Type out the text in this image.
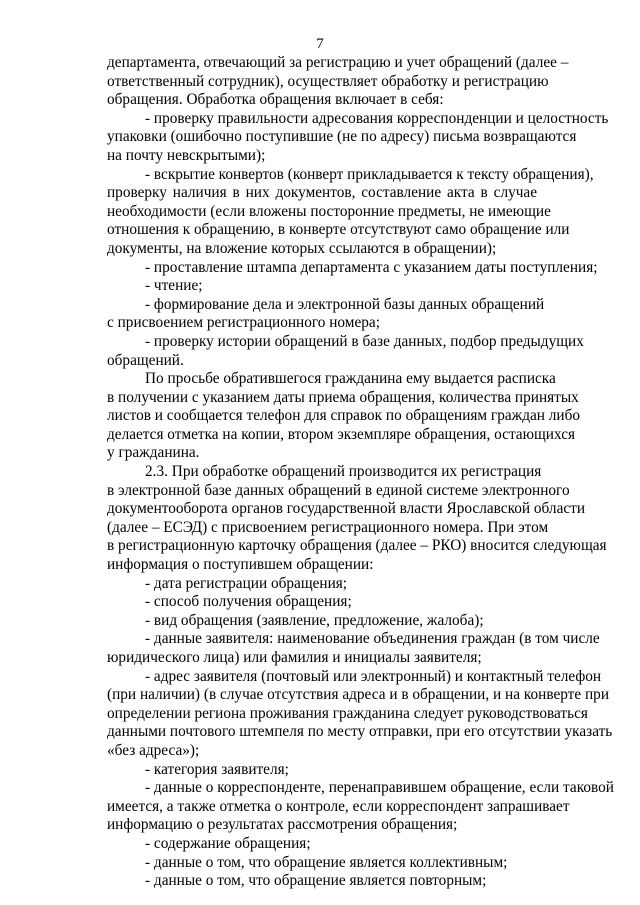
7
департамента, отвечающий за регистрацию и учет обращений (далее –
ответственный сотрудник), осуществляет обработку и регистрацию
обращения. Обработка обращения включает в себя:
- проверку правильности адресования корреспонденции и целостность
упаковки (ошибочно поступившие (не по адресу) письма возвращаются
на почту невскрытыми);
- вскрытие конвертов (конверт прикладывается к тексту обращения),
проверку наличия в них документов, составление акта в случае
необходимости (если вложены посторонние предметы, не имеющие
отношения к обращению, в конверте отсутствуют само обращение или
документы, на вложение которых ссылаются в обращении);
- проставление штампа департамента с указанием даты поступления;
- чтение;
- формирование дела и электронной базы данных обращений
с присвоением регистрационного номера;
- проверку истории обращений в базе данных, подбор предыдущих
обращений.
По просьбе обратившегося гражданина ему выдается расписка
в получении с указанием даты приема обращения, количества принятых
листов и сообщается телефон для справок по обращениям граждан либо
делается отметка на копии, втором экземпляре обращения, остающихся
у гражданина.
2.3. При обработке обращений производится их регистрация
в электронной базе данных обращений в единой системе электронного
документооборота органов государственной власти Ярославской области
(далее – ЕСЭД) с присвоением регистрационного номера. При этом
в регистрационную карточку обращения (далее – РКО) вносится следующая
информация о поступившем обращении:
- дата регистрации обращения;
- способ получения обращения;
- вид обращения (заявление, предложение, жалоба);
- данные заявителя: наименование объединения граждан (в том числе
юридического лица) или фамилия и инициалы заявителя;
- адрес заявителя (почтовый или электронный) и контактный телефон
(при наличии) (в случае отсутствия адреса и в обращении, и на конверте при
определении региона проживания гражданина следует руководствоваться
данными почтового штемпеля по месту отправки, при его отсутствии указать
«без адреса»);
- категория заявителя;
- данные о корреспонденте, перенаправившем обращение, если таковой
имеется, а также отметка о контроле, если корреспондент запрашивает
информацию о результатах рассмотрения обращения;
- содержание обращения;
- данные о том, что обращение является коллективным;
- данные о том, что обращение является повторным;
